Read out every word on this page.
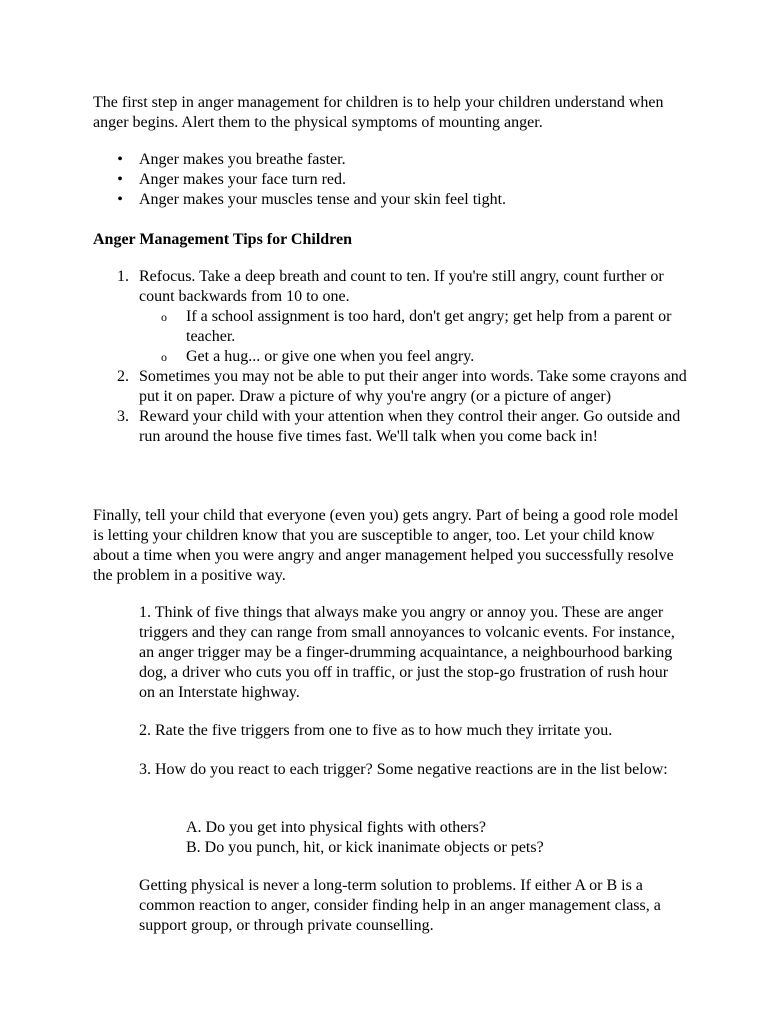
The first step in anger management for children is to help your children understand when anger begins. Alert them to the physical symptoms of mounting anger.

• Anger makes you breathe faster.
• Anger makes your face turn red.
• Anger makes your muscles tense and your skin feel tight.

Anger Management Tips for Children

1. Refocus. Take a deep breath and count to ten. If you're still angry, count further or count backwards from 10 to one.

o If a school assignment is too hard, don't get angry; get help from a parent or teacher.

o Get a hug... or give one when you feel angry.

2. Sometimes you may not be able to put their anger into words. Take some crayons and put it on paper. Draw a picture of why you're angry (or a picture of anger)

3. Reward your child with your attention when they control their anger. Go outside and run around the house five times fast. We'll talk when you come back in!

Finally, tell your child that everyone (even you) gets angry. Part of being a good role model is letting your children know that you are susceptible to anger, too. Let your child know about a time when you were angry and anger management helped you successfully resolve the problem in a positive way.

1. Think of five things that always make you angry or annoy you. These are anger triggers and they can range from small annoyances to volcanic events. For instance, an anger trigger may be a finger-drumming acquaintance, a neighbourhood barking dog, a driver who cuts you off in traffic, or just the stop-go frustration of rush hour on an Interstate highway.

2. Rate the five triggers from one to five as to how much they irritate you.

3. How do you react to each trigger? Some negative reactions are in the list below:

A. Do you get into physical fights with others?

B. Do you punch, hit, or kick inanimate objects or pets?

Getting physical is never a long-term solution to problems. If either A or B is a common reaction to anger, consider finding help in an anger management class, a support group, or through private counselling.
